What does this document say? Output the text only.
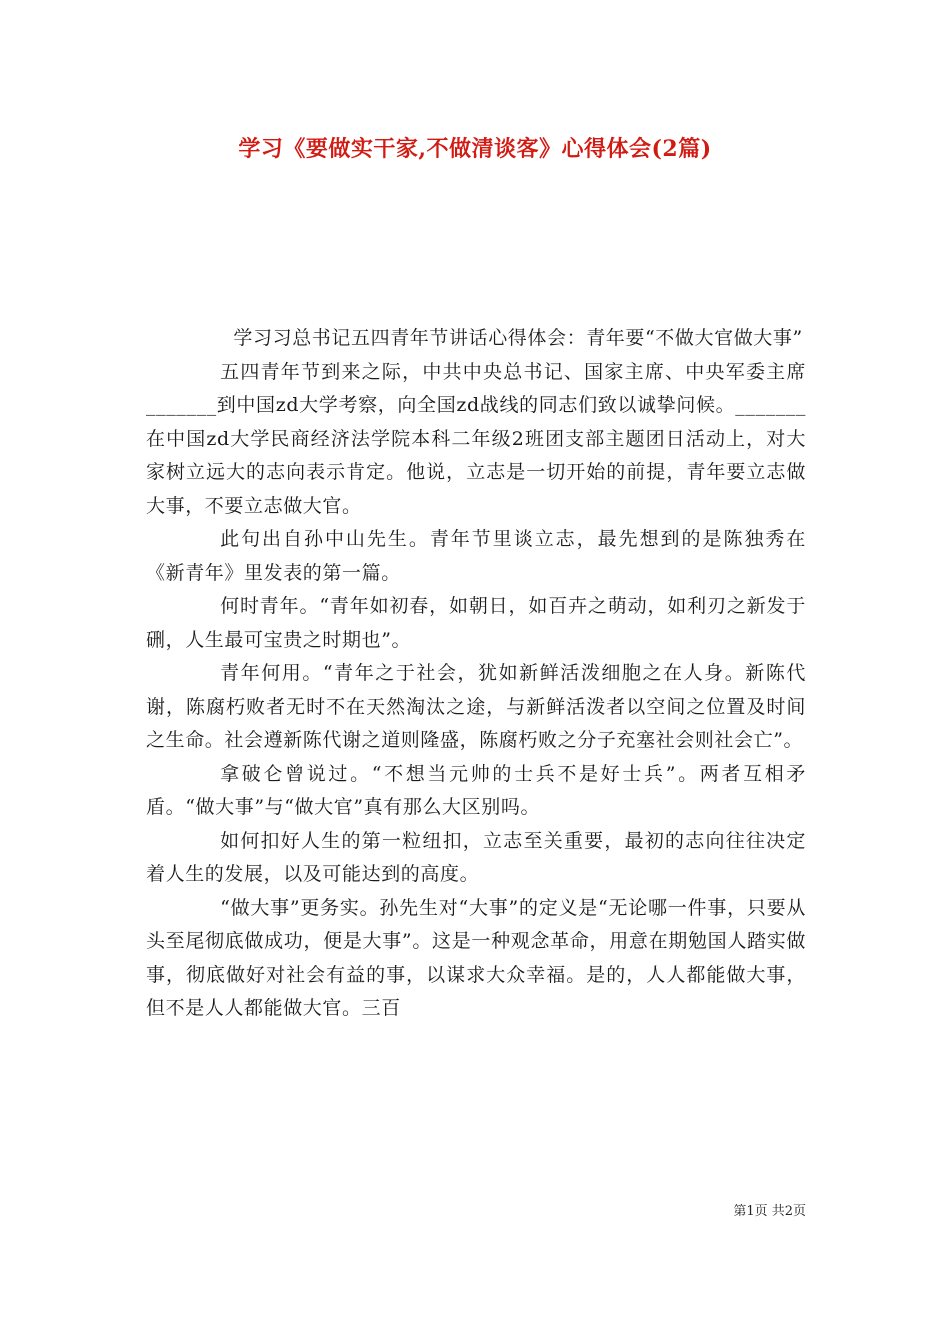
学习《要做实干家,不做清谈客》心得体会(2篇)

学习习总书记五四青年节讲话心得体会：青年要“不做大官做大事”

五四青年节到来之际，中共中央总书记、国家主席、中央军委主席_______到中国zd大学考察，向全国zd战线的同志们致以诚挚问候。_______在中国zd大学民商经济法学院本科二年级2班团支部主题团日活动上，对大家树立远大的志向表示肯定。他说，立志是一切开始的前提，青年要立志做大事，不要立志做大官。

此句出自孙中山先生。青年节里谈立志，最先想到的是陈独秀在《新青年》里发表的第一篇。

何时青年。“青年如初春，如朝日，如百卉之萌动，如利刃之新发于硎，人生最可宝贵之时期也”。

青年何用。“青年之于社会，犹如新鲜活泼细胞之在人身。新陈代谢，陈腐朽败者无时不在天然淘汰之途，与新鲜活泼者以空间之位置及时间之生命。社会遵新陈代谢之道则隆盛，陈腐朽败之分子充塞社会则社会亡”。

拿破仑曾说过。“不想当元帅的士兵不是好士兵”。两者互相矛盾。“做大事”与“做大官”真有那么大区别吗。

如何扣好人生的第一粒纽扣，立志至关重要，最初的志向往往决定着人生的发展，以及可能达到的高度。

“做大事”更务实。孙先生对“大事”的定义是“无论哪一件事，只要从头至尾彻底做成功，便是大事”。这是一种观念革命，用意在期勉国人踏实做事，彻底做好对社会有益的事，以谋求大众幸福。是的，人人都能做大事，但不是人人都能做大官。三百

第1页 共2页
